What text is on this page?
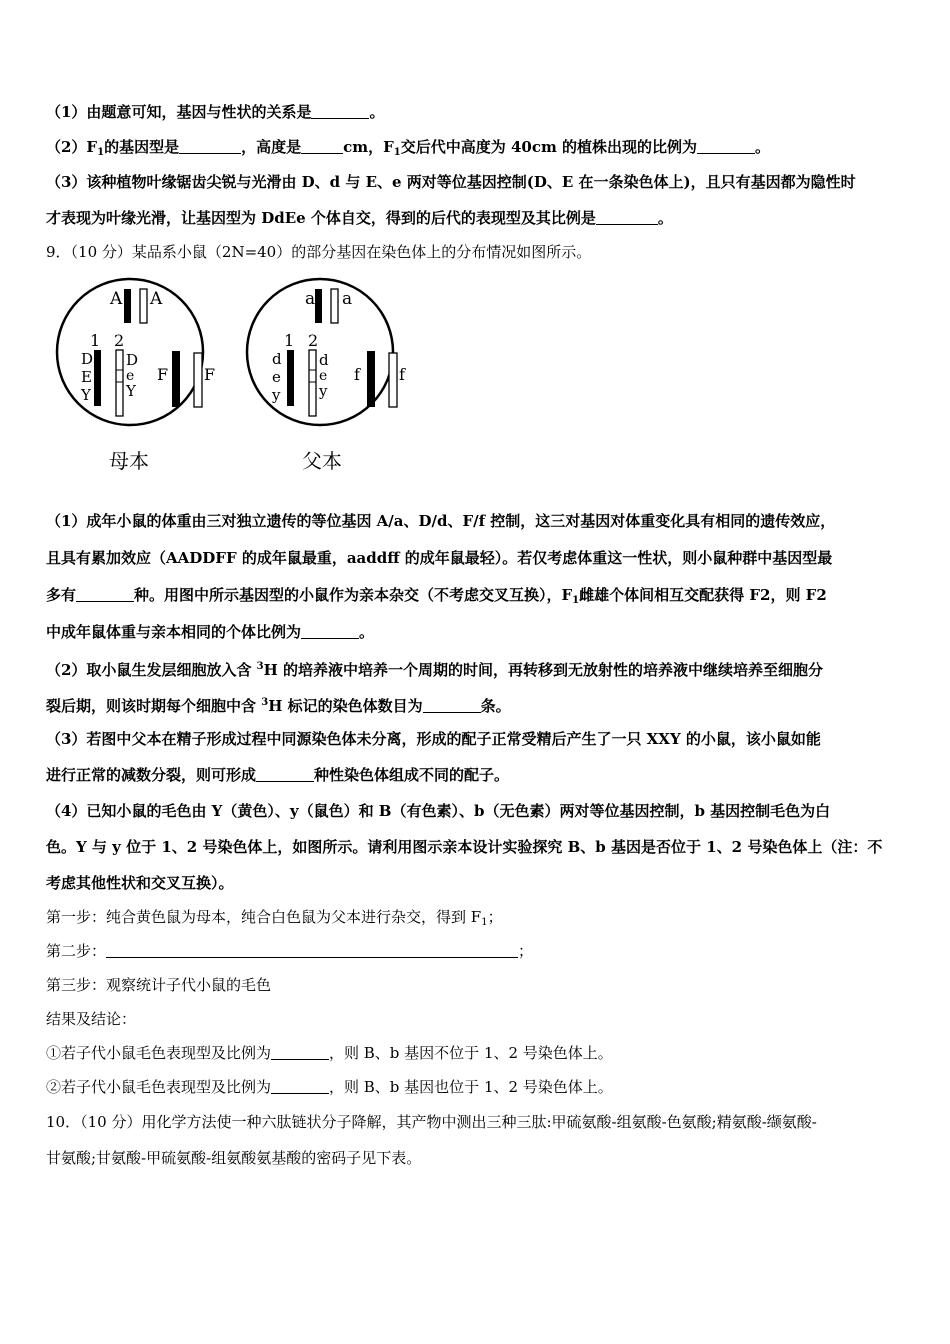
（1）由题意可知，基因与性状的关系是	。
$(2)F_1$的基因型是	，高度是	cm，$F_1$交后代中高度为 40cm 的植株出现的比例为	。
（3）该种植物叶缘锯齿尖锐与光滑由 D、d 与 E、e 两对等位基因控制(D、E 在一条染色体上)，且只有基因都为隐性时
才表现为叶缘光滑，让基因型为 DdEe 个体自交，得到的后代的表现型及其比例是	。
9．（10 分）某品系小鼠（2N=40）的部分基因在染色体上的分布情况如图所示。
A A
1 2
D
E
Y
D
e
Y
F F
母本
a a
1 2
d
e
y
d
e
y
f f
父本
（1）成年小鼠的体重由三对独立遗传的等位基因 A/a、D/d、F/f 控制，这三对基因对体重变化具有相同的遗传效应，
且具有累加效应（AADDFF 的成年鼠最重，aaddff 的成年鼠最轻）。若仅考虑体重这一性状，则小鼠种群中基因型最
多有	种。用图中所示基因型的小鼠作为亲本杂交（不考虑交叉互换），$F_1$雌雄个体间相互交配获得 F2，则 F2
中成年鼠体重与亲本相同的个体比例为	。
（2）取小鼠生发层细胞放入含 $^3$H 的培养液中培养一个周期的时间，再转移到无放射性的培养液中继续培养至细胞分
裂后期，则该时期每个细胞中含 $^3$H 标记的染色体数目为	条。
（3）若图中父本在精子形成过程中同源染色体未分离，形成的配子正常受精后产生了一只 XXY 的小鼠，该小鼠如能
进行正常的减数分裂，则可形成	种性染色体组成不同的配子。
（4）已知小鼠的毛色由 Y（黄色）、y（鼠色）和 B（有色素）、b（无色素）两对等位基因控制，b 基因控制毛色为白
色。Y 与 y 位于 1、2 号染色体上，如图所示。请利用图示亲本设计实验探究 B、b 基因是否位于 1、2 号染色体上（注：不
考虑其他性状和交叉互换）。
第一步：纯合黄色鼠为母本，纯合白色鼠为父本进行杂交，得到 $F_1$；
第二步：	；
第三步：观察统计子代小鼠的毛色
结果及结论：
①若子代小鼠毛色表现型及比例为	，则 B、b 基因不位于 1、2 号染色体上。
②若子代小鼠毛色表现型及比例为	，则 B、b 基因也位于 1、2 号染色体上。
10．（10 分）用化学方法使一种六肽链状分子降解，其产物中测出三种三肽:甲硫氨酸-组氨酸-色氨酸;精氨酸-缬氨酸-
甘氨酸;甘氨酸-甲硫氨酸-组氨酸氨基酸的密码子见下表。
